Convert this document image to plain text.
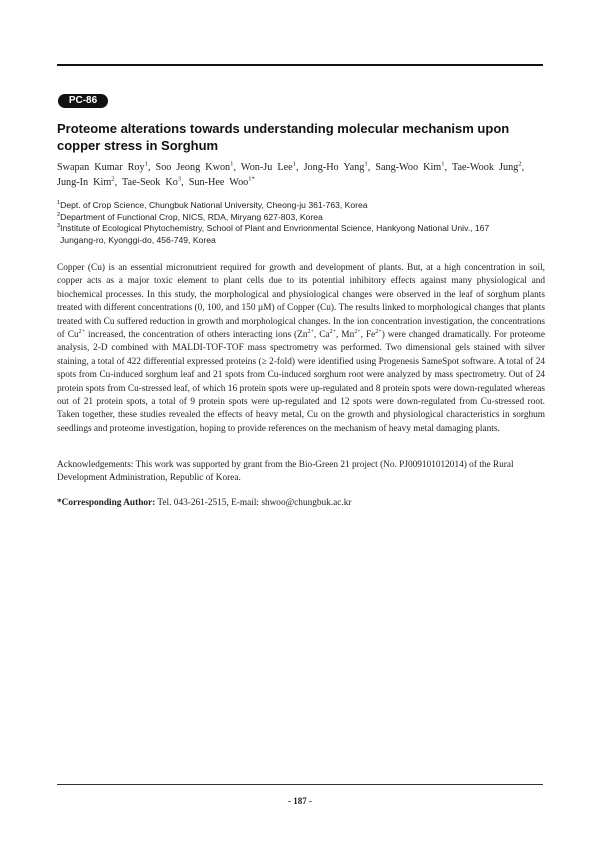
PC-86
Proteome alterations towards understanding molecular mechanism upon copper stress in Sorghum
Swapan Kumar Roy$^1$, Soo Jeong Kwon$^1$, Won-Ju Lee$^1$, Jong-Ho Yang$^1$, Sang-Woo Kim$^1$, Tae-Wook Jung$^2$, Jung-In Kim$^2$, Tae-Seok Ko$^3$, Sun-Hee Woo$^{1*}$
$^1$Dept. of Crop Science, Chungbuk National University, Cheong-ju 361-763, Korea
$^2$Department of Functional Crop, NICS, RDA, Miryang 627-803, Korea
$^3$Institute of Ecological Phytochemistry, School of Plant and Envrionmental Science, Hankyong National Univ., 167
Jungang-ro, Kyonggi-do, 456-749, Korea
Copper (Cu) is an essential micronutrient required for growth and development of plants. But, at a high concentration in soil, copper acts as a major toxic element to plant cells due to its potential inhibitory effects against many physiological and biochemical processes. In this study, the morphological and physiological changes were observed in the leaf of sorghum plants treated with different concentrations (0, 100, and 150 µM) of Copper (Cu). The results linked to morphological changes that plants treated with Cu suffered reduction in growth and morphological changes. In the ion concentration investigation, the concentrations of $Cu^{2+}$ increased, the concentration of others interacting ions ($Zn^{2+}$, $Ca^{2+}$, $Mn^{2+}$, $Fe^{2+}$) were changed dramatically. For proteome analysis, 2-D combined with MALDI-TOF-TOF mass spectrometry was performed. Two dimensional gels stained with silver staining, a total of 422 differential expressed proteins (≥ 2-fold) were identified using Progenesis SameSpot software. A total of 24 spots from Cu-induced sorghum leaf and 21 spots from Cu-induced sorghum root were analyzed by mass spectrometry. Out of 24 protein spots from Cu-stressed leaf, of which 16 protein spots were up-regulated and 8 protein spots were down-regulated whereas out of 21 protein spots, a total of 9 protein spots were up-regulated and 12 spots were down-regulated from Cu-stressed root. Taken together, these studies revealed the effects of heavy metal, Cu on the growth and physiological characteristics in sorghum seedlings and proteome investigation, hoping to provide references on the mechanism of heavy metal damaging plants.
Acknowledgements: This work was supported by grant from the Bio-Green 21 project (No. PJ009101012014) of the Rural Development Administration, Republic of Korea.
*Corresponding Author: Tel. 043-261-2515, E-mail: shwoo@chungbuk.ac.kr
- 187 -
